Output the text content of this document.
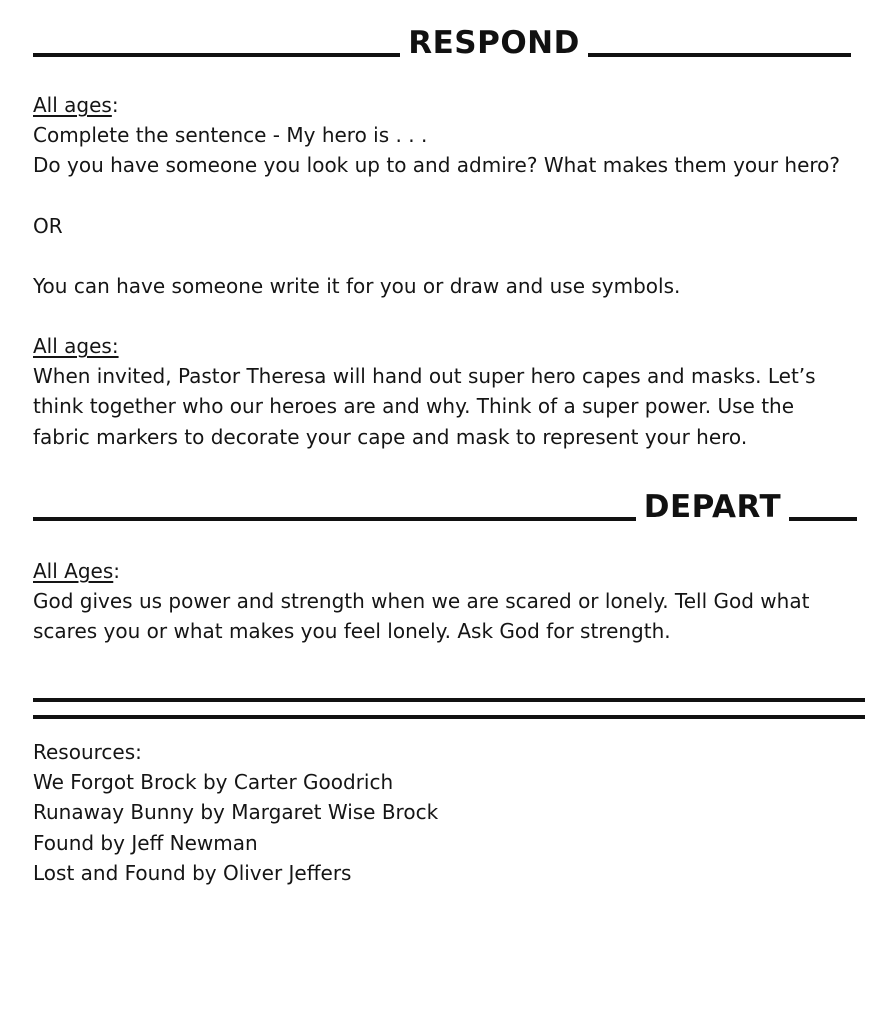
RESPOND
All ages:
Complete the sentence - My hero is . . .
Do you have someone you look up to and admire? What makes them your hero?
OR
You can have someone write it for you or draw and use symbols.
All ages:
When invited, Pastor Theresa will hand out super hero capes and masks. Let’s
think together who our heroes are and why. Think of a super power. Use the
fabric markers to decorate your cape and mask to represent your hero.
DEPART
All Ages:
God gives us power and strength when we are scared or lonely. Tell God what
scares you or what makes you feel lonely. Ask God for strength.
Resources:
We Forgot Brock by Carter Goodrich
Runaway Bunny by Margaret Wise Brock
Found by Jeff Newman
Lost and Found by Oliver Jeffers
